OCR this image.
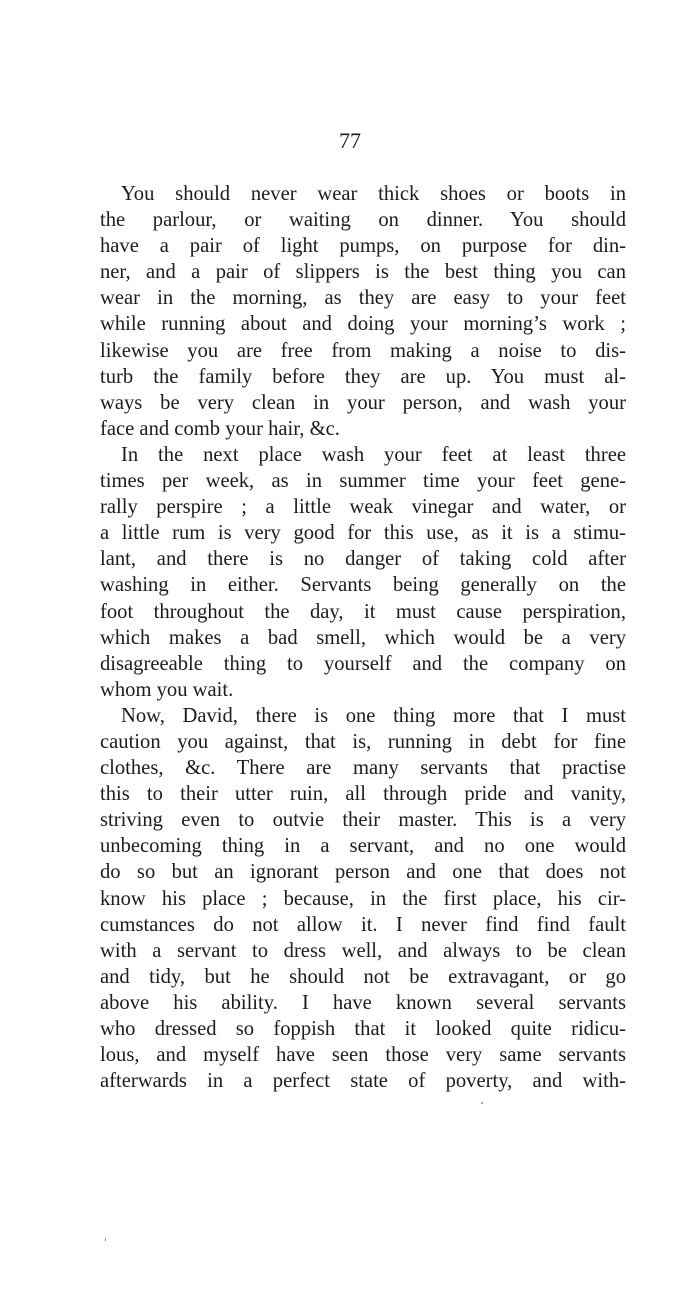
77
You should never wear thick shoes or boots in
the parlour, or waiting on dinner. You should
have a pair of light pumps, on purpose for din-
ner, and a pair of slippers is the best thing you can
wear in the morning, as they are easy to your feet
while running about and doing your morning’s work ;
likewise you are free from making a noise to dis-
turb the family before they are up. You must al-
ways be very clean in your person, and wash your
face and comb your hair, &c.
In the next place wash your feet at least three
times per week, as in summer time your feet gene-
rally perspire ; a little weak vinegar and water, or
a little rum is very good for this use, as it is a stimu-
lant, and there is no danger of taking cold after
washing in either. Servants being generally on the
foot throughout the day, it must cause perspiration,
which makes a bad smell, which would be a very
disagreeable thing to yourself and the company on
whom you wait.
Now, David, there is one thing more that I must
caution you against, that is, running in debt for fine
clothes, &c. There are many servants that practise
this to their utter ruin, all through pride and vanity,
striving even to outvie their master. This is a very
unbecoming thing in a servant, and no one would
do so but an ignorant person and one that does not
know his place ; because, in the first place, his cir-
cumstances do not allow it. I never find find fault
with a servant to dress well, and always to be clean
and tidy, but he should not be extravagant, or go
above his ability. I have known several servants
who dressed so foppish that it looked quite ridicu-
lous, and myself have seen those very same servants
afterwards in a perfect state of poverty, and with-
